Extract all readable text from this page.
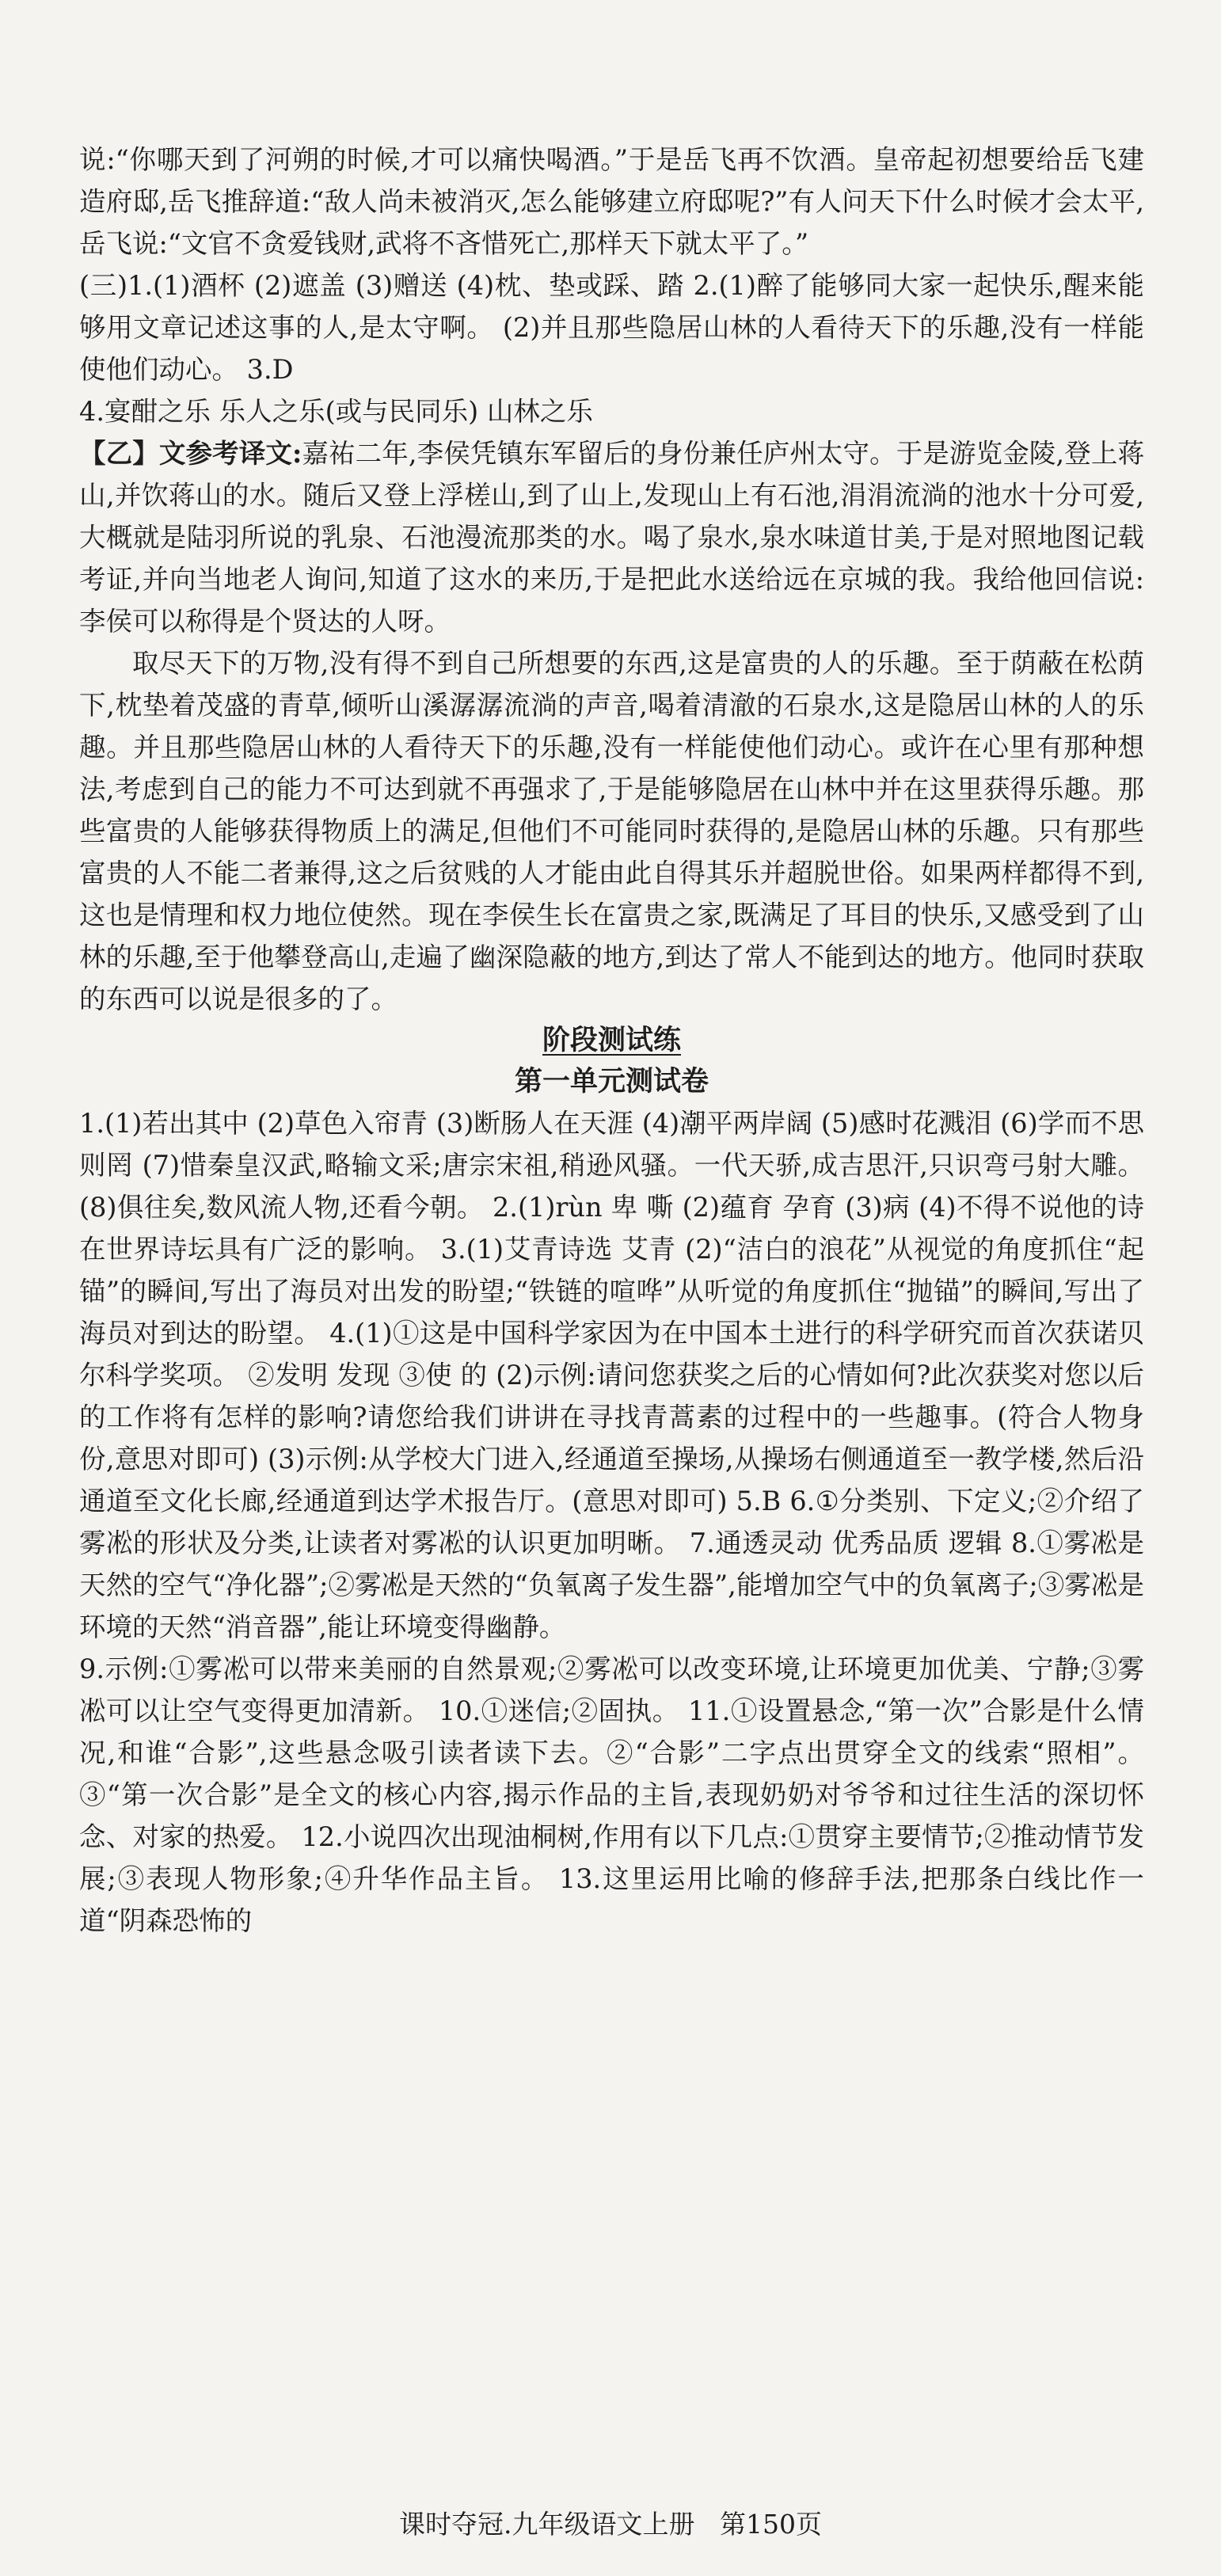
说:“你哪天到了河朔的时候,才可以痛快喝酒。”于是岳飞再不饮酒。皇帝起初想要给岳飞建造府邸,岳飞推辞道:“敌人尚未被消灭,怎么能够建立府邸呢?”有人问天下什么时候才会太平,岳飞说:“文官不贪爱钱财,武将不吝惜死亡,那样天下就太平了。”

(三)1.(1)酒杯 (2)遮盖 (3)赠送 (4)枕、垫或踩、踏 2.(1)醉了能够同大家一起快乐,醒来能够用文章记述这事的人,是太守啊。 (2)并且那些隐居山林的人看待天下的乐趣,没有一样能使他们动心。 3.D

4.宴酣之乐 乐人之乐(或与民同乐) 山林之乐

【乙】文参考译文:嘉祐二年,李侯凭镇东军留后的身份兼任庐州太守。于是游览金陵,登上蒋山,并饮蒋山的水。随后又登上浮槎山,到了山上,发现山上有石池,涓涓流淌的池水十分可爱,大概就是陆羽所说的乳泉、石池漫流那类的水。喝了泉水,泉水味道甘美,于是对照地图记载考证,并向当地老人询问,知道了这水的来历,于是把此水送给远在京城的我。我给他回信说:李侯可以称得是个贤达的人呀。

取尽天下的万物,没有得不到自己所想要的东西,这是富贵的人的乐趣。至于荫蔽在松荫下,枕垫着茂盛的青草,倾听山溪潺潺流淌的声音,喝着清澈的石泉水,这是隐居山林的人的乐趣。并且那些隐居山林的人看待天下的乐趣,没有一样能使他们动心。或许在心里有那种想法,考虑到自己的能力不可达到就不再强求了,于是能够隐居在山林中并在这里获得乐趣。那些富贵的人能够获得物质上的满足,但他们不可能同时获得的,是隐居山林的乐趣。只有那些富贵的人不能二者兼得,这之后贫贱的人才能由此自得其乐并超脱世俗。如果两样都得不到,这也是情理和权力地位使然。现在李侯生长在富贵之家,既满足了耳目的快乐,又感受到了山林的乐趣,至于他攀登高山,走遍了幽深隐蔽的地方,到达了常人不能到达的地方。他同时获取的东西可以说是很多的了。

阶段测试练

第一单元测试卷

1.(1)若出其中 (2)草色入帘青 (3)断肠人在天涯 (4)潮平两岸阔 (5)感时花溅泪 (6)学而不思则罔 (7)惜秦皇汉武,略输文采;唐宗宋祖,稍逊风骚。一代天骄,成吉思汗,只识弯弓射大雕。 (8)俱往矣,数风流人物,还看今朝。 2.(1)rùn 卑 嘶 (2)蕴育 孕育 (3)病 (4)不得不说他的诗在世界诗坛具有广泛的影响。 3.(1)艾青诗选 艾青 (2)“洁白的浪花”从视觉的角度抓住“起锚”的瞬间,写出了海员对出发的盼望;“铁链的喧哗”从听觉的角度抓住“抛锚”的瞬间,写出了海员对到达的盼望。 4.(1)①这是中国科学家因为在中国本土进行的科学研究而首次获诺贝尔科学奖项。 ②发明 发现 ③使 的 (2)示例:请问您获奖之后的心情如何?此次获奖对您以后的工作将有怎样的影响?请您给我们讲讲在寻找青蒿素的过程中的一些趣事。(符合人物身份,意思对即可) (3)示例:从学校大门进入,经通道至操场,从操场右侧通道至一教学楼,然后沿通道至文化长廊,经通道到达学术报告厅。(意思对即可) 5.B 6.①分类别、下定义;②介绍了雾凇的形状及分类,让读者对雾凇的认识更加明晰。 7.通透灵动 优秀品质 逻辑 8.①雾凇是天然的空气“净化器”;②雾凇是天然的“负氧离子发生器”,能增加空气中的负氧离子;③雾凇是环境的天然“消音器”,能让环境变得幽静。

9.示例:①雾凇可以带来美丽的自然景观;②雾凇可以改变环境,让环境更加优美、宁静;③雾凇可以让空气变得更加清新。 10.①迷信;②固执。 11.①设置悬念,“第一次”合影是什么情况,和谁“合影”,这些悬念吸引读者读下去。②“合影”二字点出贯穿全文的线索“照相”。③“第一次合影”是全文的核心内容,揭示作品的主旨,表现奶奶对爷爷和过往生活的深切怀念、对家的热爱。 12.小说四次出现油桐树,作用有以下几点:①贯穿主要情节;②推动情节发展;③表现人物形象;④升华作品主旨。 13.这里运用比喻的修辞手法,把那条白线比作一道“阴森恐怖的

课时夺冠.九年级语文上册 第150页
